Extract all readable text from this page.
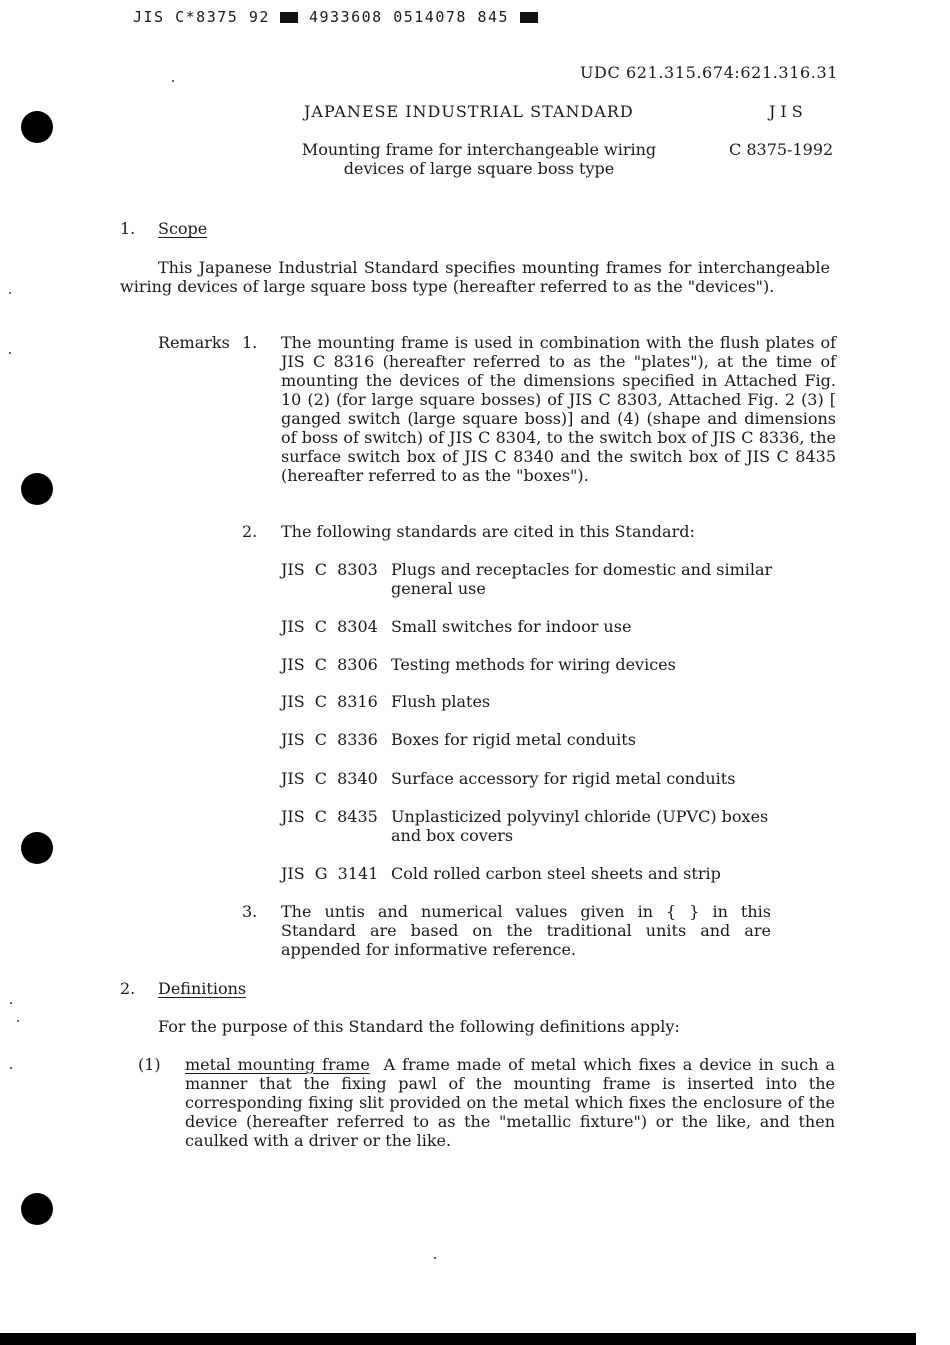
JIS C*8375 92	4933608 0514078 845
UDC 621.315.674:621.316.31
JAPANESE INDUSTRIAL STANDARD	JIS
Mounting frame for interchangeable wiring devices of large square boss type
C 8375-1992
1. Scope
This Japanese Industrial Standard specifies mounting frames for interchangeable wiring devices of large square boss type (hereafter referred to as the "devices").
Remarks 1. The mounting frame is used in combination with the flush plates of JIS C 8316 (hereafter referred to as the "plates"), at the time of mounting the devices of the dimensions specified in Attached Fig. 10 (2) (for large square bosses) of JIS C 8303, Attached Fig. 2 (3) [ ganged switch (large square boss)] and (4) (shape and dimensions of boss of switch) of JIS C 8304, to the switch box of JIS C 8336, the surface switch box of JIS C 8340 and the switch box of JIS C 8435 (hereafter referred to as the "boxes").
2. The following standards are cited in this Standard:
JIS C 8303 Plugs and receptacles for domestic and similar general use
JIS C 8304 Small switches for indoor use
JIS C 8306 Testing methods for wiring devices
JIS C 8316 Flush plates
JIS C 8336 Boxes for rigid metal conduits
JIS C 8340 Surface accessory for rigid metal conduits
JIS C 8435 Unplasticized polyvinyl chloride (UPVC) boxes and box covers
JIS G 3141 Cold rolled carbon steel sheets and strip
3. The untis and numerical values given in { } in this Standard are based on the traditional units and are appended for informative reference.
2. Definitions
For the purpose of this Standard the following definitions apply:
(1) metal mounting frame A frame made of metal which fixes a device in such a manner that the fixing pawl of the mounting frame is inserted into the corresponding fixing slit provided on the metal which fixes the enclosure of the device (hereafter referred to as the "metallic fixture") or the like, and then caulked with a driver or the like.
